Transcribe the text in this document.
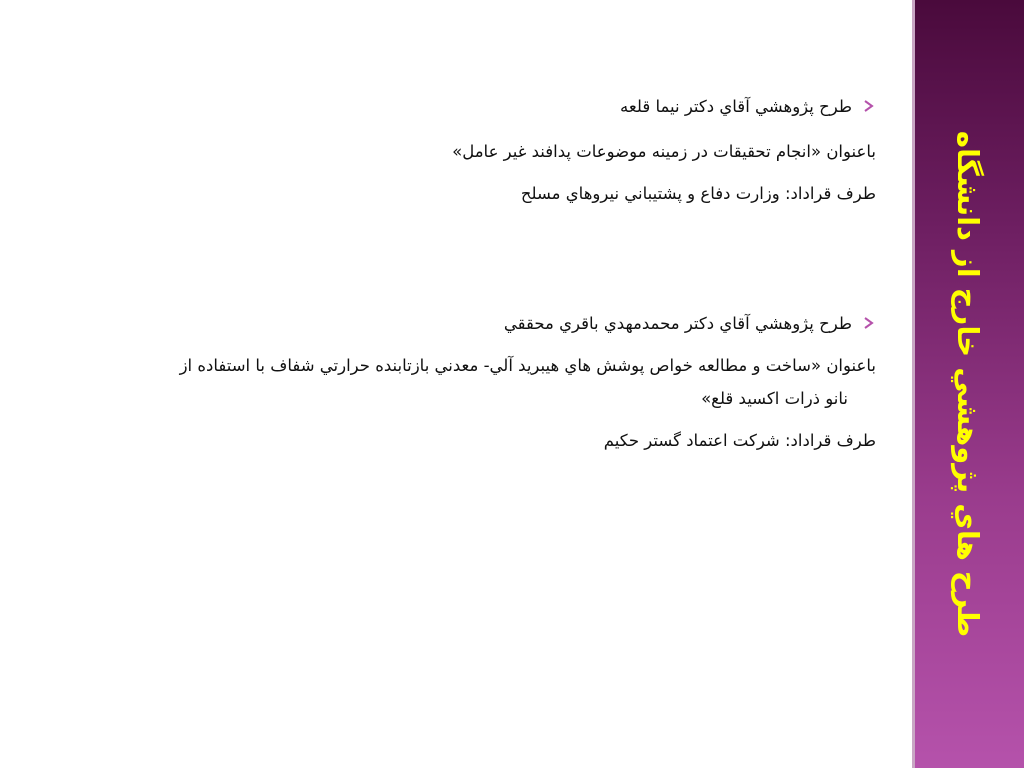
طرح هاي پژوهشي خارج از دانشگاه
طرح پژوهشي آقاي دكتر نيما قلعه
باعنوان «انجام تحقيقات در زمينه موضوعات پدافند غير عامل»
طرف قراداد: وزارت دفاع و پشتيباني نيروهاي مسلح
طرح پژوهشي آقاي دكتر محمدمهدي باقري محققي
باعنوان «ساخت و مطالعه خواص پوشش هاي هيبريد آلي- معدني بازتابنده حرارتي شفاف با استفاده از
نانو ذرات اكسيد قلع»
طرف قراداد: شركت اعتماد گستر حكيم
